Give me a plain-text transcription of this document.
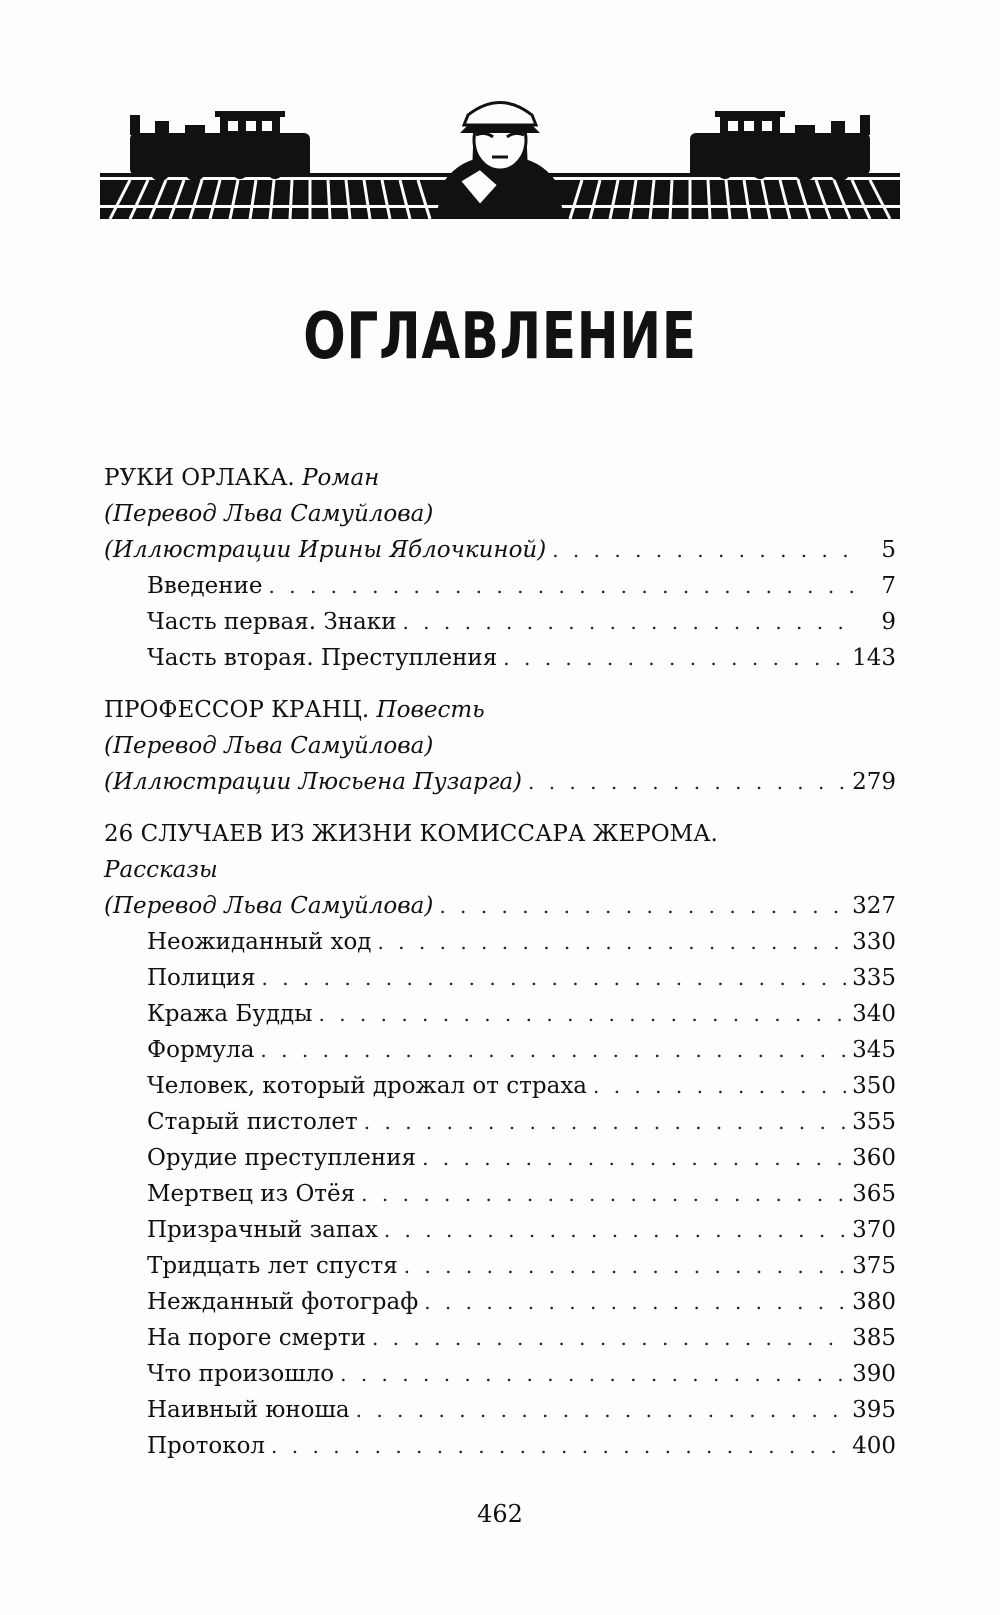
ОГЛАВЛЕНИЕ
РУКИ ОРЛАКА.
Роман
(Перевод Льва Самуйлова)
(Иллюстрации Ирины Яблочкиной) . . .	5
Введение . . .	7
Часть первая. Знаки . . .	9
Часть вторая. Преступления . . .	143
ПРОФЕССОР КРАНЦ.
Повесть
(Перевод Льва Самуйлова)
(Иллюстрации Люсьена Пузарга) . . .	279
26 СЛУЧАЕВ ИЗ ЖИЗНИ КОМИССАРА ЖЕРОМА.
Рассказы
(Перевод Льва Самуйлова) . . .	327
Неожиданный ход . . .	330
Полиция . . .	335
Кража Будды . . .	340
Формула . . .	345
Человек, который дрожал от страха . . .	350
Старый пистолет . . .	355
Орудие преступления . . .	360
Мертвец из Отёя . . .	365
Призрачный запах . . .	370
Тридцать лет спустя . . .	375
Нежданный фотограф . . .	380
На пороге смерти . . .	385
Что произошло . . .	390
Наивный юноша . . .	395
Протокол . . .	400
462
